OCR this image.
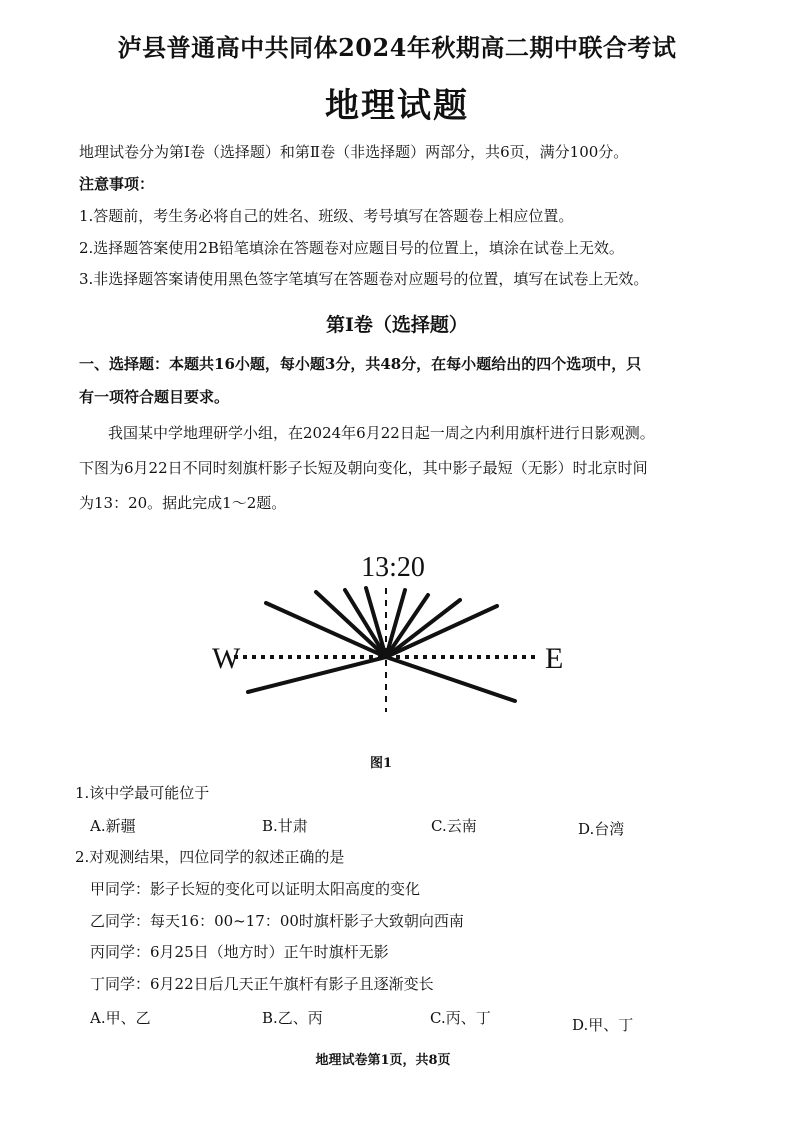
泸县普通高中共同体2024年秋期高二期中联合考试
地理试题
地理试卷分为第Ⅰ卷（选择题）和第Ⅱ卷（非选择题）两部分，共6页，满分100分。
注意事项：
1.答题前，考生务必将自己的姓名、班级、考号填写在答题卷上相应位置。
2.选择题答案使用2B铅笔填涂在答题卷对应题目号的位置上，填涂在试卷上无效。
3.非选择题答案请使用黑色签字笔填写在答题卷对应题号的位置，填写在试卷上无效。
第Ⅰ卷（选择题）
一、选择题：本题共16小题，每小题3分，共48分，在每小题给出的四个选项中，只
有一项符合题目要求。
我国某中学地理研学小组，在2024年6月22日起一周之内利用旗杆进行日影观测。
下图为6月22日不同时刻旗杆影子长短及朝向变化，其中影子最短（无影）时北京时间
为13：20。据此完成1～2题。
13:20
W	E
图1
1.该中学最可能位于
A.新疆	B.甘肃	C.云南	D.台湾
2.对观测结果，四位同学的叙述正确的是
甲同学：影子长短的变化可以证明太阳高度的变化
乙同学：每天16：00~17：00时旗杆影子大致朝向西南
丙同学：6月25日（地方时）正午时旗杆无影
丁同学：6月22日后几天正午旗杆有影子且逐渐变长
A.甲、乙	B.乙、丙	C.丙、丁	D.甲、丁
地理试卷第1页，共8页
